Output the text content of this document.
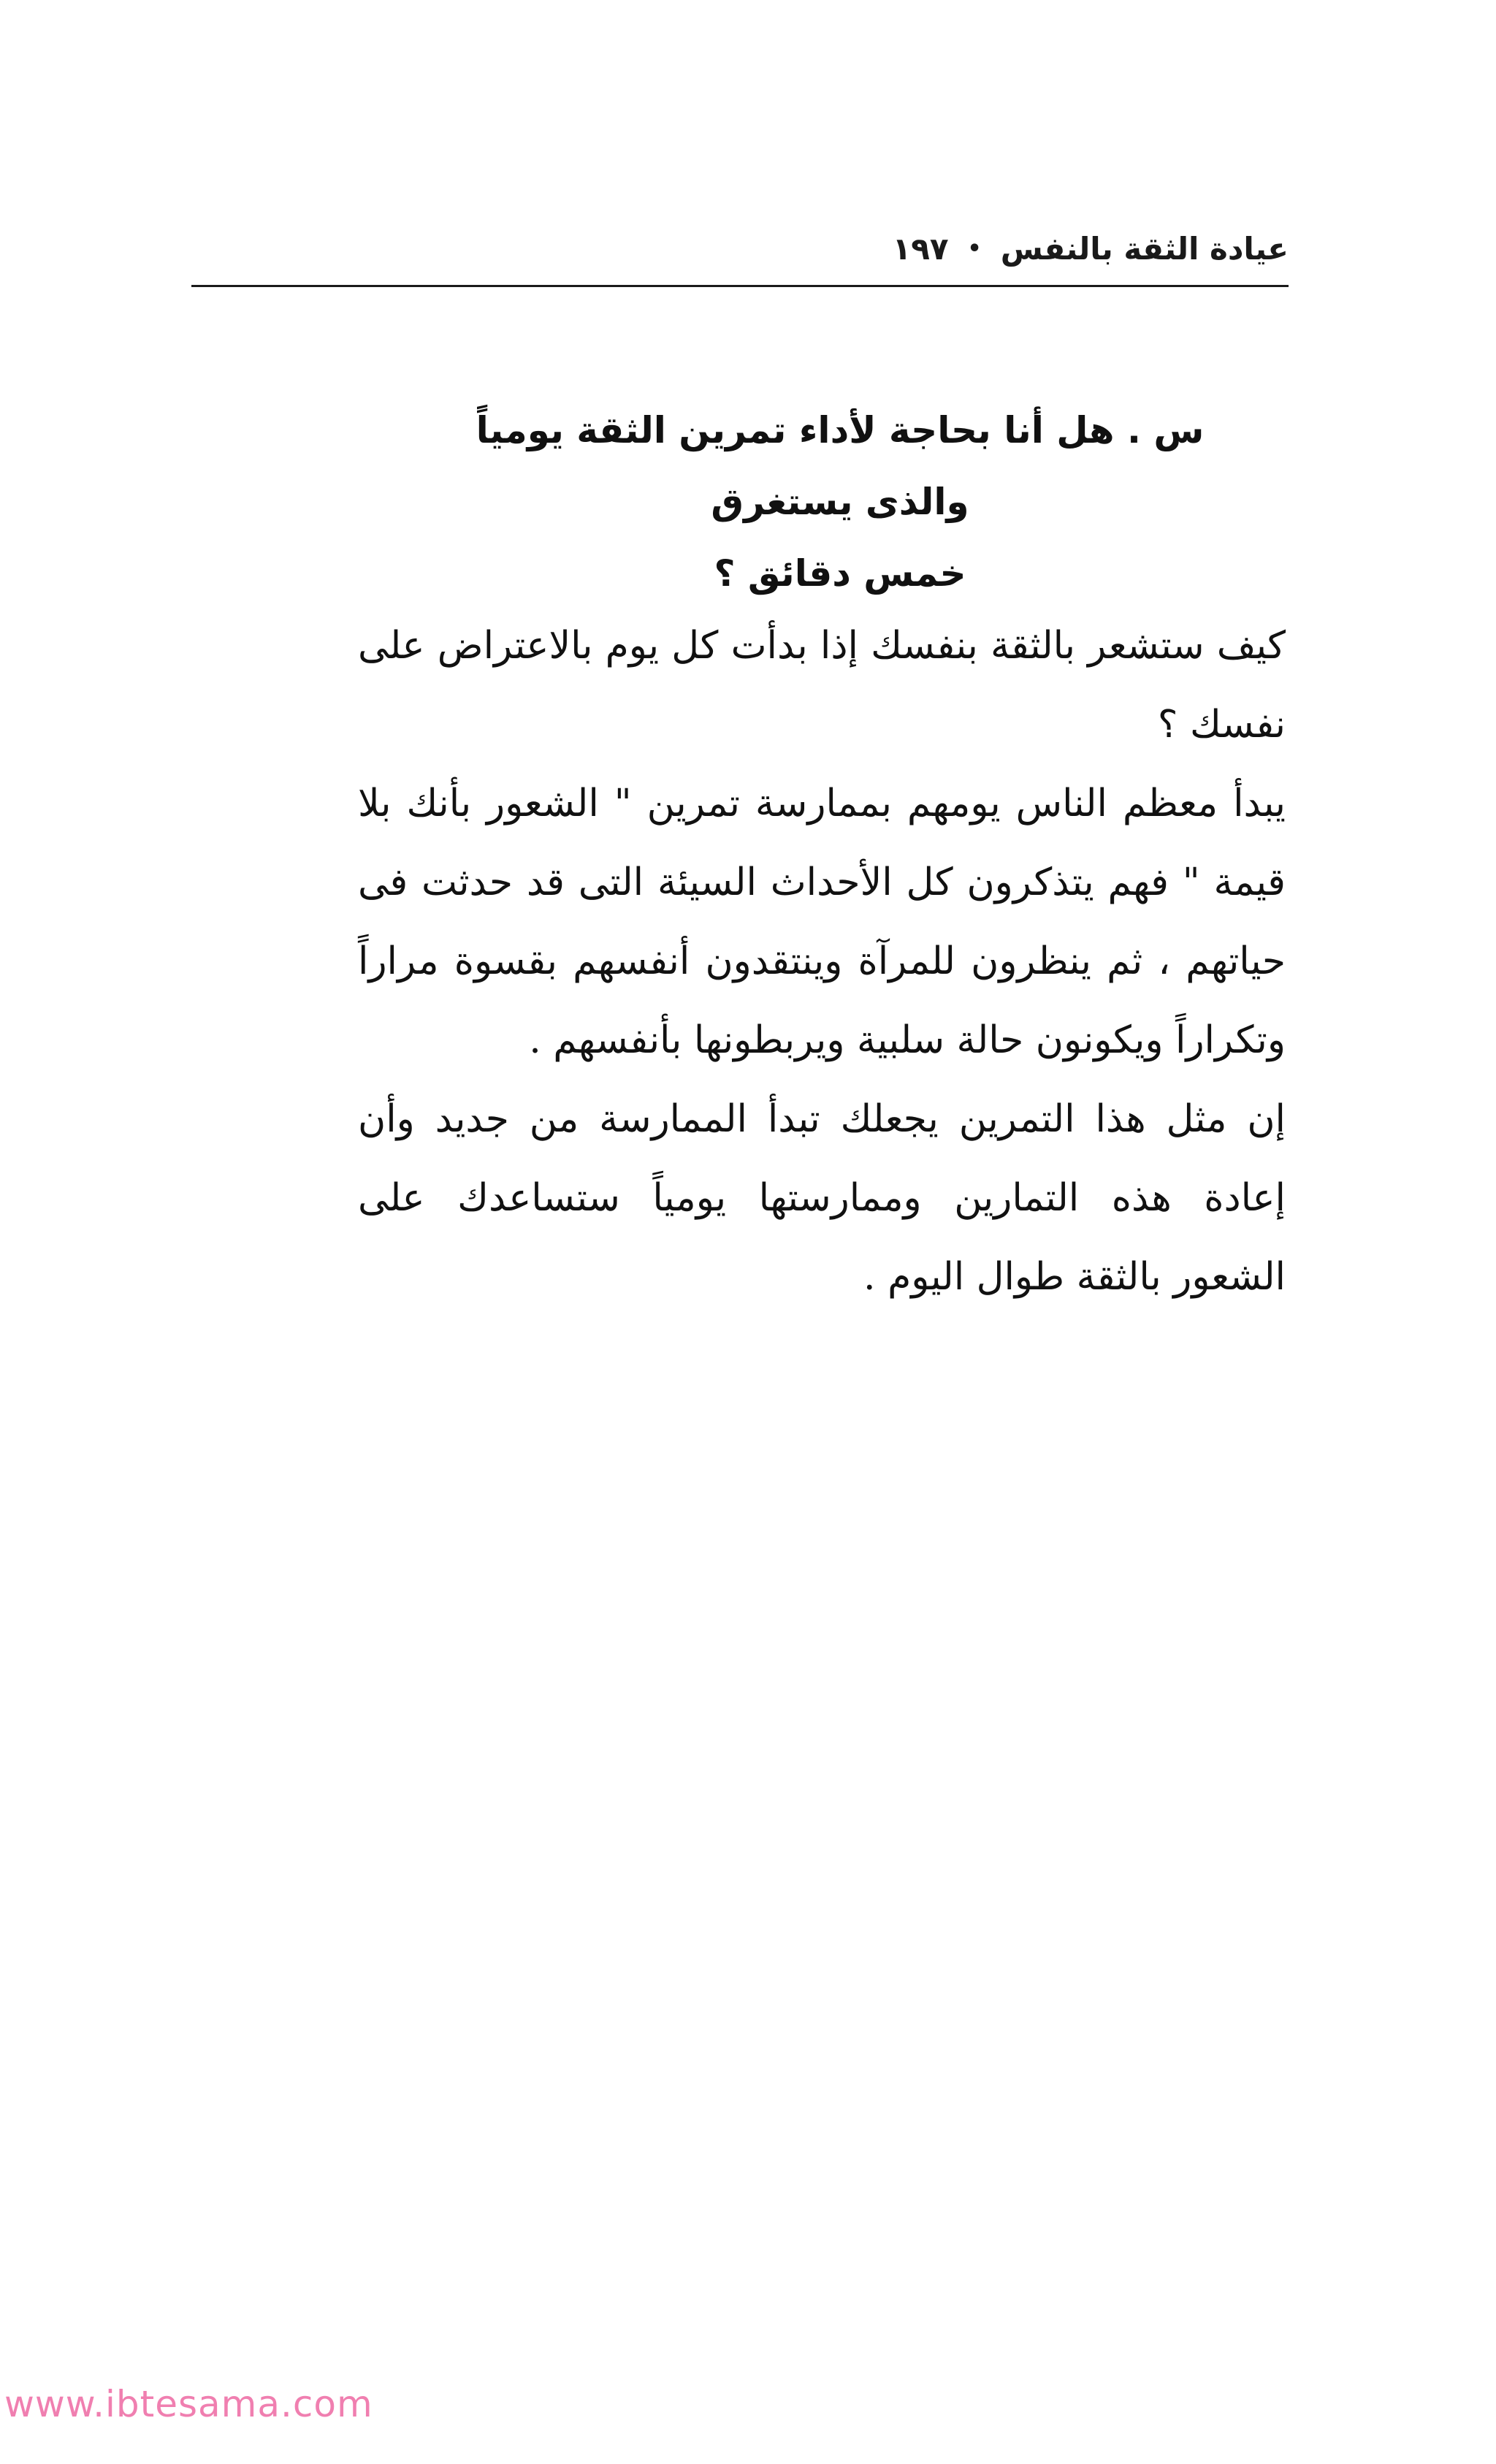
عيادة الثقة بالنفس
•
١٩٧

س . هل أنا بحاجة لأداء تمرين الثقة يومياً والذى يستغرق

خمس دقائق ؟

كيف ستشعر بالثقة بنفسك إذا بدأت كل يوم بالاعتراض على نفسك ؟

يبدأ معظم الناس يومهم بممارسة تمرين " الشعور بأنك بلا قيمة " فهم يتذكرون كل الأحداث السيئة التى قد حدثت فى حياتهم ، ثم ينظرون للمرآة وينتقدون أنفسهم بقسوة مراراً وتكراراً ويكونون حالة سلبية ويربطونها بأنفسهم .

إن مثل هذا التمرين يجعلك تبدأ الممارسة من جديد وأن إعادة هذه التمارين وممارستها يومياً ستساعدك على الشعور بالثقة طوال اليوم .

www.ibtesama.com
